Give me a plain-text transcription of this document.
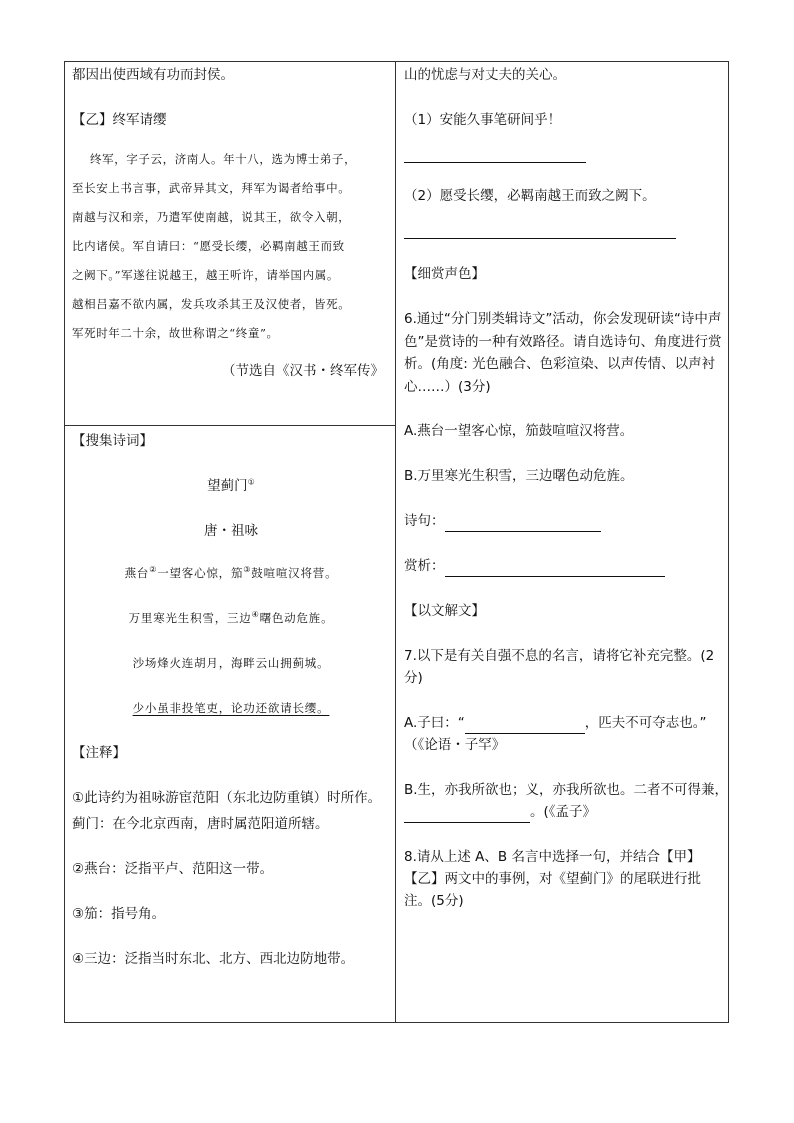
都因出使西域有功而封侯。

【乙】终军请缨

终军，字子云，济南人。年十八，选为博士弟子，
至长安上书言事，武帝异其文，拜军为谒者给事中。
南越与汉和亲，乃遣军使南越，说其王，欲令入朝，
比内诸侯。军自请曰：“愿受长缨，必羁南越王而致
之阙下。”军遂往说越王，越王听许，请举国内属。
越相吕嘉不欲内属，发兵攻杀其王及汉使者，皆死。
军死时年二十余，故世称谓之“终童”。

（节选自《汉书・终军传》

【搜集诗词】

望蓟门①

唐・祖咏

燕台②一望客心惊，笳③鼓喧喧汉将营。

万里寒光生积雪，三边④曙色动危旌。

沙场烽火连胡月，海畔云山拥蓟城。

少小虽非投笔吏，论功还欲请长缨。

【注释】

①此诗约为祖咏游宦范阳（东北边防重镇）时所作。

蓟门：在今北京西南，唐时属范阳道所辖。

②燕台：泛指平卢、范阳这一带。

③笳：指号角。

④三边：泛指当时东北、北方、西北边防地带。

山的忧虑与对丈夫的关心。

（1）安能久事笔研间乎！

（2）愿受长缨，必羁南越王而致之阙下。

【细赏声色】

6.通过“分门别类辑诗文”活动，你会发现研读“诗中声色”是赏诗的一种有效路径。请自选诗句、角度进行赏析。(角度: 光色融合、色彩渲染、以声传情、以声衬心……）(3分)

A.燕台一望客心惊，笳鼓喧喧汉将营。

B.万里寒光生积雪，三边曙色动危旌。

诗句：

赏析：

【以文解文】

7.以下是有关自强不息的名言，请将它补充完整。(2分)

A.子曰：“	，匹夫不可夺志也。”

（《论语・子罕》

B.生，亦我所欲也；义，亦我所欲也。二者不可得兼，

。(《孟子》

8.请从上述 A、B 名言中选择一句，并结合【甲】【乙】两文中的事例，对《望蓟门》的尾联进行批注。(5分)
